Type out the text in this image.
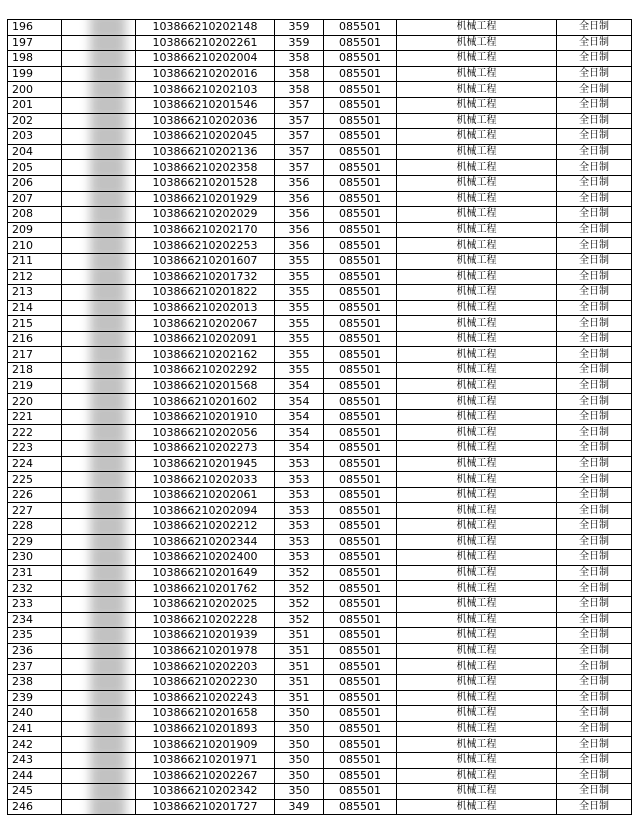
196		103866210202148	359	085501	机械工程	全日制
197		103866210202261	359	085501	机械工程	全日制
198		103866210202004	358	085501	机械工程	全日制
199		103866210202016	358	085501	机械工程	全日制
200		103866210202103	358	085501	机械工程	全日制
201		103866210201546	357	085501	机械工程	全日制
202		103866210202036	357	085501	机械工程	全日制
203		103866210202045	357	085501	机械工程	全日制
204		103866210202136	357	085501	机械工程	全日制
205		103866210202358	357	085501	机械工程	全日制
206		103866210201528	356	085501	机械工程	全日制
207		103866210201929	356	085501	机械工程	全日制
208		103866210202029	356	085501	机械工程	全日制
209		103866210202170	356	085501	机械工程	全日制
210		103866210202253	356	085501	机械工程	全日制
211		103866210201607	355	085501	机械工程	全日制
212		103866210201732	355	085501	机械工程	全日制
213		103866210201822	355	085501	机械工程	全日制
214		103866210202013	355	085501	机械工程	全日制
215		103866210202067	355	085501	机械工程	全日制
216		103866210202091	355	085501	机械工程	全日制
217		103866210202162	355	085501	机械工程	全日制
218		103866210202292	355	085501	机械工程	全日制
219		103866210201568	354	085501	机械工程	全日制
220		103866210201602	354	085501	机械工程	全日制
221		103866210201910	354	085501	机械工程	全日制
222		103866210202056	354	085501	机械工程	全日制
223		103866210202273	354	085501	机械工程	全日制
224		103866210201945	353	085501	机械工程	全日制
225		103866210202033	353	085501	机械工程	全日制
226		103866210202061	353	085501	机械工程	全日制
227		103866210202094	353	085501	机械工程	全日制
228		103866210202212	353	085501	机械工程	全日制
229		103866210202344	353	085501	机械工程	全日制
230		103866210202400	353	085501	机械工程	全日制
231		103866210201649	352	085501	机械工程	全日制
232		103866210201762	352	085501	机械工程	全日制
233		103866210202025	352	085501	机械工程	全日制
234		103866210202228	352	085501	机械工程	全日制
235		103866210201939	351	085501	机械工程	全日制
236		103866210201978	351	085501	机械工程	全日制
237		103866210202203	351	085501	机械工程	全日制
238		103866210202230	351	085501	机械工程	全日制
239		103866210202243	351	085501	机械工程	全日制
240		103866210201658	350	085501	机械工程	全日制
241		103866210201893	350	085501	机械工程	全日制
242		103866210201909	350	085501	机械工程	全日制
243		103866210201971	350	085501	机械工程	全日制
244		103866210202267	350	085501	机械工程	全日制
245		103866210202342	350	085501	机械工程	全日制
246		103866210201727	349	085501	机械工程	全日制
